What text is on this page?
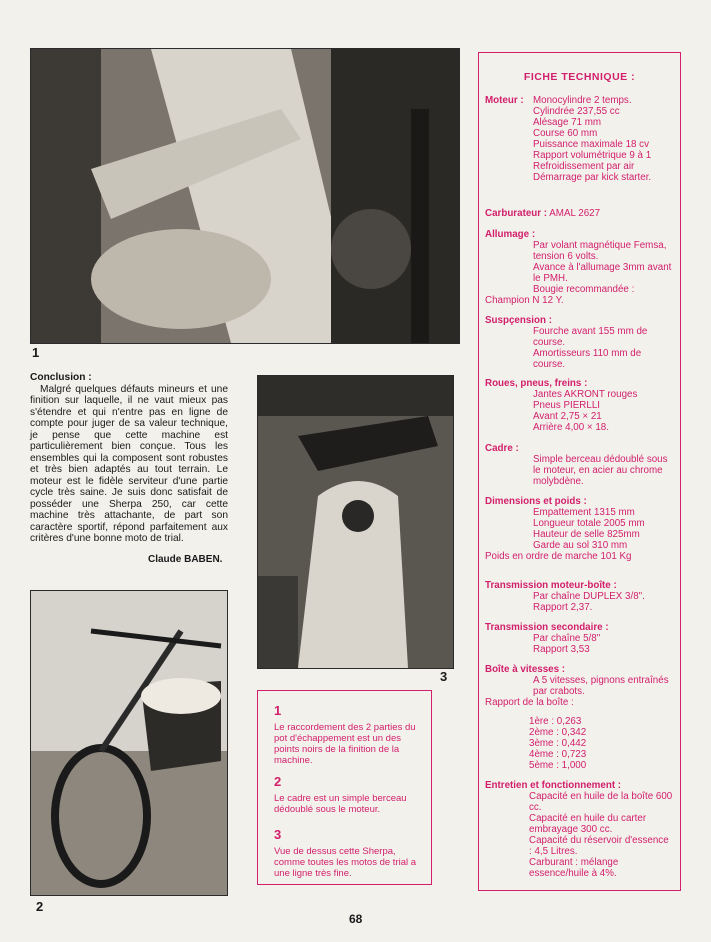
1
Conclusion :

Malgré quelques défauts mineurs et une finition sur laquelle, il ne vaut mieux pas s'étendre et qui n'entre pas en ligne de compte pour juger de sa valeur technique, je pense que cette machine est particulièrement bien conçue. Tous les ensembles qui la composent sont robustes et très bien adaptés au tout terrain. Le moteur est le fidèle serviteur d'une partie cycle très saine. Je suis donc satisfait de posséder une Sherpa 250, car cette machine très attachante, de part son caractère sportif, répond parfaitement aux critères d'une bonne moto de trial.

Claude BABEN.
3
2
1
Le raccordement des 2 parties du pot d'échappement est un des points noirs de la finition de la machine.
2
Le cadre est un simple berceau dédoublé sous le moteur.
3
Vue de dessus cette Sherpa, comme toutes les motos de trial a une ligne très fine.
FICHE TECHNIQUE :
Moteur : Monocylindre 2 temps.
Cylindrée 237,55 cc
Alésage 71 mm
Course 60 mm
Puissance maximale 18 cv
Rapport volumétrique 9 à 1
Refroidissement par air
Démarrage par kick starter.
Carburateur : AMAL 2627
Allumage :
Par volant magnétique Femsa, tension 6 volts.
Avance à l'allumage 3mm avant le PMH.
Bougie recommandée :
Champion N 12 Y.
Suspçension :
Fourche avant 155 mm de course.
Amortisseurs 110 mm de course.
Roues, pneus, freins :
Jantes AKRONT rouges
Pneus PIERLLI
Avant 2,75 × 21
Arrière 4,00 × 18.
Cadre :
Simple berceau dédoublé sous le moteur, en acier au chrome molybdène.
Dimensions et poids :
Empattement 1315 mm
Longueur totale 2005 mm
Hauteur de selle 825mm
Garde au sol 310 mm
Poids en ordre de marche 101 Kg
Transmission moteur-boîte :
Par chaîne DUPLEX 3/8".
Rapport 2,37.
Transmission secondaire :
Par chaîne 5/8"
Rapport 3,53
Boîte à vitesses :
A 5 vitesses, pignons entraînés par crabots.
Rapport de la boîte :
1ère : 0,263
2ème : 0,342
3ème : 0,442
4ème : 0,723
5ème : 1,000
Entretien et fonctionnement :
Capacité en huile de la boîte 600 cc.
Capacité en huile du carter embrayage 300 cc.
Capacité du réservoir d'essence : 4,5 Litres.
Carburant : mélange essence/huile à 4%.
68
